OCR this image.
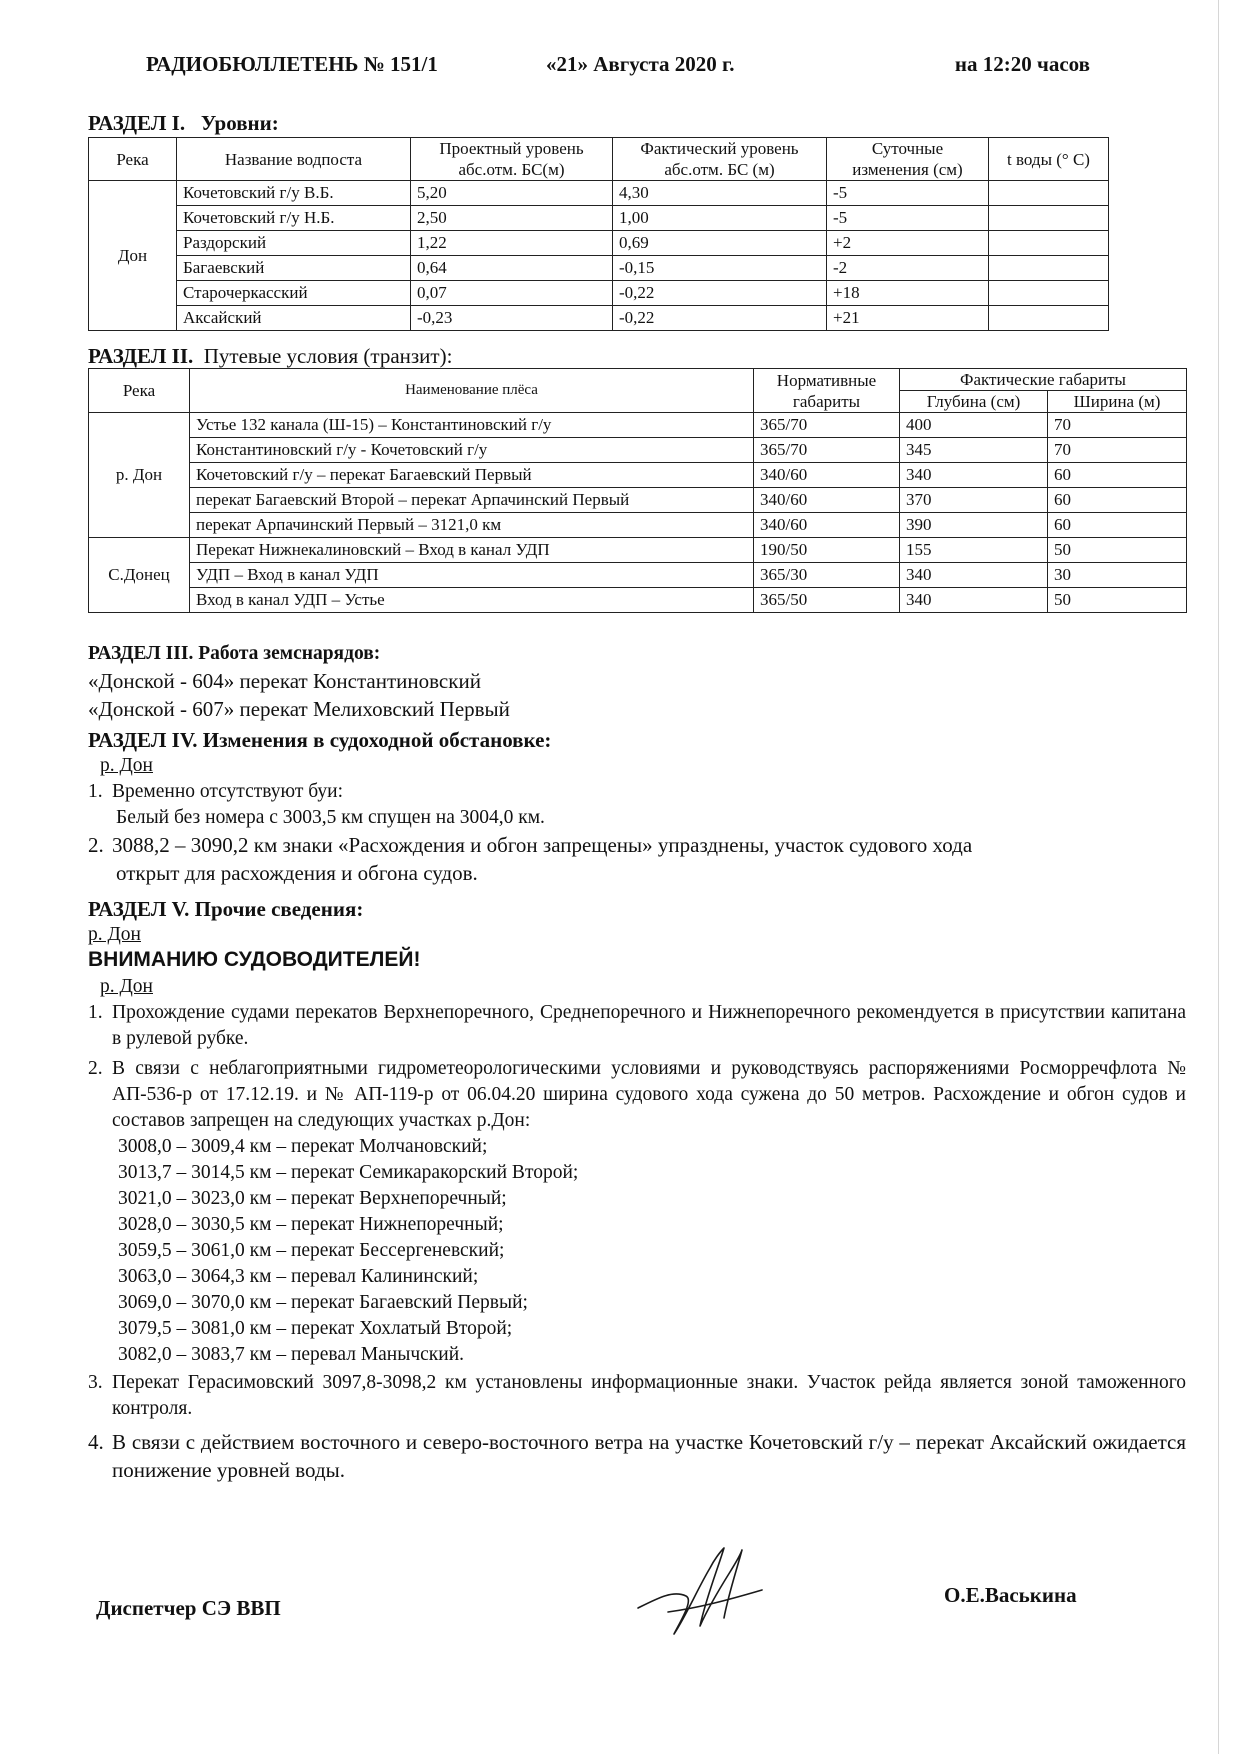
РАДИОБЮЛЛЕТЕНЬ № 151/1	«21» Августа 2020 г.	на 12:20 часов
РАЗДЕЛ I. Уровни:
Река	Название водпоста	Проектный уровень абс.отм. БС(м)	Фактический уровень абс.отм. БС (м)	Суточные изменения (см)	t воды (° С)
Дон	Кочетовский г/у В.Б.	5,20	4,30	-5	
	Кочетовский г/у Н.Б.	2,50	1,00	-5	
	Раздорский	1,22	0,69	+2	
	Багаевский	0,64	-0,15	-2	
	Старочеркасский	0,07	-0,22	+18	
	Аксайский	-0,23	-0,22	+21	
РАЗДЕЛ II. Путевые условия (транзит):
Река	Наименование плёса	Нормативные габариты	Фактические габариты	
			Глубина (см)	Ширина (м)
р. Дон	Устье 132 канала (Ш-15) – Константиновский г/у	365/70	400	70
	Константиновский г/у - Кочетовский г/у	365/70	345	70
	Кочетовский г/у – перекат Багаевский Первый	340/60	340	60
	перекат Багаевский Второй – перекат Арпачинский Первый	340/60	370	60
	перекат Арпачинский Первый – 3121,0 км	340/60	390	60
С.Донец	Перекат Нижнекалиновский – Вход в канал УДП	190/50	155	50
	УДП – Вход в канал УДП	365/30	340	30
	Вход в канал УДП – Устье	365/50	340	50
РАЗДЕЛ III. Работа земснарядов:
«Донской - 604» перекат Константиновский
«Донской - 607» перекат Мелиховский Первый
РАЗДЕЛ IV. Изменения в судоходной обстановке:
р. Дон
1. Временно отсутствуют буи:
Белый без номера с 3003,5 км спущен на 3004,0 км.
2. 3088,2 – 3090,2 км знаки «Расхождения и обгон запрещены» упразднены, участок судового хода
открыт для расхождения и обгона судов.
РАЗДЕЛ V. Прочие сведения:
р. Дон
ВНИМАНИЮ СУДОВОДИТЕЛЕЙ!
р. Дон
1. Прохождение судами перекатов Верхнепоречного, Среднепоречного и Нижнепоречного рекомендуется в присутствии капитана в рулевой рубке.
2. В связи с неблагоприятными гидрометеорологическими условиями и руководствуясь распоряжениями Росморречфлота № АП-536-р от 17.12.19. и № АП-119-р от 06.04.20 ширина судового хода сужена до 50 метров. Расхождение и обгон судов и составов запрещен на следующих участках р.Дон:
3008,0 – 3009,4 км – перекат Молчановский;
3013,7 – 3014,5 км – перекат Семикаракорский Второй;
3021,0 – 3023,0 км – перекат Верхнепоречный;
3028,0 – 3030,5 км – перекат Нижнепоречный;
3059,5 – 3061,0 км – перекат Бессергеневский;
3063,0 – 3064,3 км – перевал Калининский;
3069,0 – 3070,0 км – перекат Багаевский Первый;
3079,5 – 3081,0 км – перекат Хохлатый Второй;
3082,0 – 3083,7 км – перевал Манычский.
3. Перекат Герасимовский 3097,8-3098,2 км установлены информационные знаки. Участок рейда является зоной таможенного контроля.
4. В связи с действием восточного и северо-восточного ветра на участке Кочетовский г/у – перекат Аксайский ожидается понижение уровней воды.
Диспетчер СЭ ВВП
О.Е.Васькина
